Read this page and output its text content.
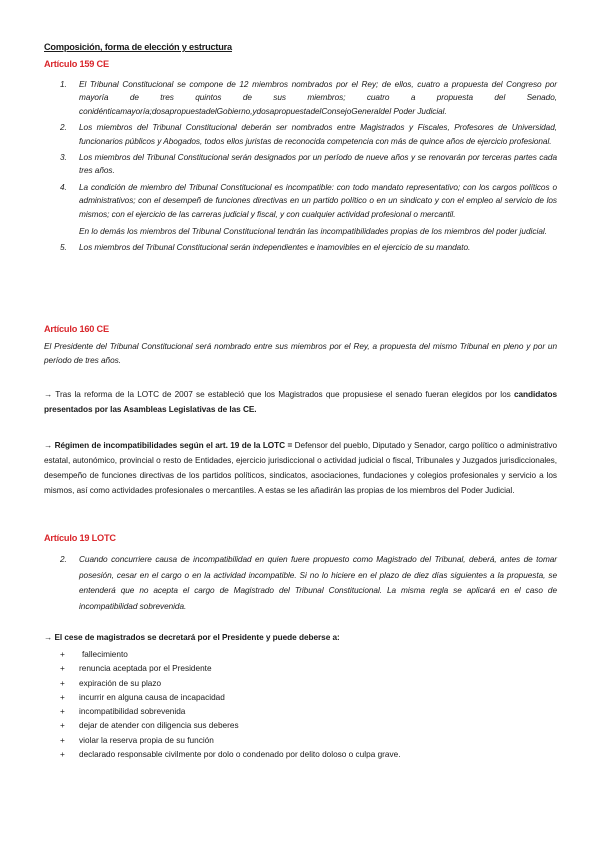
Composición, forma de elección y estructura
Artículo 159 CE
1. El Tribunal Constitucional se compone de 12 miembros nombrados por el Rey; de ellos, cuatro a propuesta del Congreso por mayoría de tres quintos de sus miembros; cuatro a propuesta del Senado, conidénticamayoría;dosapropuestadelGobierno,ydosapropuestadelConsejoGeneraldel Poder Judicial.
2. Los miembros del Tribunal Constitucional deberán ser nombrados entre Magistrados y Fiscales, Profesores de Universidad, funcionarios públicos y Abogados, todos ellos juristas de reconocida competencia con más de quince años de ejercicio profesional.
3. Los miembros del Tribunal Constitucional serán designados por un período de nueve años y se renovarán por terceras partes cada tres años.
4. La condición de miembro del Tribunal Constitucional es incompatible: con todo mandato representativo; con los cargos políticos o administrativos; con el desempeñ de funciones directivas en un partido político o en un sindicato y con el empleo al servicio de los mismos; con el ejercicio de las carreras judicial y fiscal, y con cualquier actividad profesional o mercantil.
En lo demás los miembros del Tribunal Constitucional tendrán las incompatibilidades propias de los miembros del poder judicial.
5. Los miembros del Tribunal Constitucional serán independientes e inamovibles en el ejercicio de su mandato.
Artículo 160 CE
El Presidente del Tribunal Constitucional será nombrado entre sus miembros por el Rey, a propuesta del mismo Tribunal en pleno y por un período de tres años.
→ Tras la reforma de la LOTC de 2007 se estableció que los Magistrados que propusiese el senado fueran elegidos por los candidatos presentados por las Asambleas Legislativas de las CE.
→ Régimen de incompatibilidades según el art. 19 de la LOTC = Defensor del pueblo, Diputado y Senador, cargo político o administrativo estatal, autonómico, provincial o resto de Entidades, ejercicio jurisdiccional o actividad judicial o fiscal, Tribunales y Juzgados jurisdiccionales, desempeño de funciones directivas de los partidos políticos, sindicatos, asociaciones, fundaciones y colegios profesionales y servicio a los mismos, así como actividades profesionales o mercantiles. A estas se les añadirán las propias de los miembros del Poder Judicial.
Artículo 19 LOTC
2. Cuando concurriere causa de incompatibilidad en quien fuere propuesto como Magistrado del Tribunal, deberá, antes de tomar posesión, cesar en el cargo o en la actividad incompatible. Si no lo hiciere en el plazo de diez días siguientes a la propuesta, se entenderá que no acepta el cargo de Magistrado del Tribunal Constitucional. La misma regla se aplicará en el caso de incompatibilidad sobrevenida.
→ El cese de magistrados se decretará por el Presidente y puede deberse a:
+ fallecimiento
+ renuncia aceptada por el Presidente
+ expiración de su plazo
+ incurrir en alguna causa de incapacidad
+ incompatibilidad sobrevenida
+ dejar de atender con diligencia sus deberes
+ violar la reserva propia de su función
+ declarado responsable civilmente por dolo o condenado por delito doloso o culpa grave.
